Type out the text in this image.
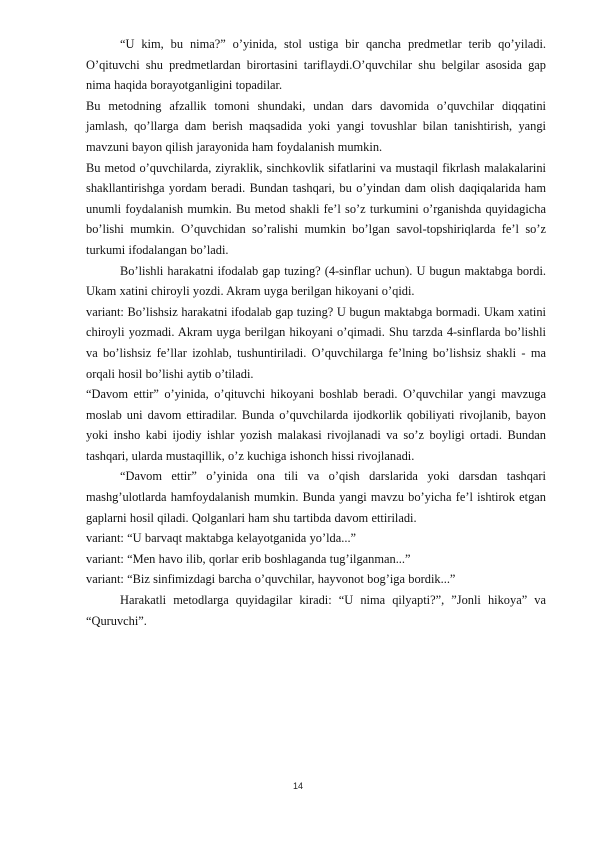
“U kim, bu nima?” o’yinida, stol ustiga bir qancha predmetlar terib qo’yiladi. O’qituvchi shu predmetlardan birortasini tariflaydi.O’quvchilar shu belgilar asosida gap nima haqida borayotganligini topadilar.

Bu metodning afzallik tomoni shundaki, undan dars davomida o’quvchilar diqqatini jamlash, qo’llarga dam berish maqsadida yoki yangi tovushlar bilan tanishtirish, yangi mavzuni bayon qilish jarayonida ham foydalanish mumkin.

Bu metod o’quvchilarda, ziyraklik, sinchkovlik sifatlarini va mustaqil fikrlash malakalarini shakllantirishga yordam beradi. Bundan tashqari, bu o’yindan dam olish daqiqalarida ham unumli foydalanish mumkin. Bu metod shakli fe’l so’z turkumini o’rganishda quyidagicha bo’lishi mumkin. O’quvchidan so’ralishi mumkin bo’lgan savol-topshiriqlarda fe’l so’z turkumi ifodalangan bo’ladi.

Bo’lishli harakatni ifodalab gap tuzing? (4-sinflar uchun). U bugun maktabga bordi. Ukam xatini chiroyli yozdi. Akram uyga berilgan hikoyani o’qidi.

variant: Bo’lishsiz harakatni ifodalab gap tuzing? U bugun maktabga bormadi. Ukam xatini chiroyli yozmadi. Akram uyga berilgan hikoyani o’qimadi. Shu tarzda 4-sinflarda bo’lishli va bo’lishsiz fe’llar izohlab, tushuntiriladi. O’quvchilarga fe’lning bo’lishsiz shakli - ma orqali hosil bo’lishi aytib o’tiladi.

“Davom ettir” o’yinida, o’qituvchi hikoyani boshlab beradi. O’quvchilar yangi mavzuga moslab uni davom ettiradilar. Bunda o’quvchilarda ijodkorlik qobiliyati rivojlanib, bayon yoki insho kabi ijodiy ishlar yozish malakasi rivojlanadi va so’z boyligi ortadi. Bundan tashqari, ularda mustaqillik, o’z kuchiga ishonch hissi rivojlanadi.

“Davom ettir” o’yinida ona tili va o’qish darslarida yoki darsdan tashqari mashg’ulotlarda hamfoydalanish mumkin. Bunda yangi mavzu bo’yicha fe’l ishtirok etgan gaplarni hosil qiladi. Qolganlari ham shu tartibda davom ettiriladi.

variant: “U barvaqt maktabga kelayotganida yo’lda...”

variant: “Men havo ilib, qorlar erib boshlaganda tug’ilganman...”

variant: “Biz sinfimizdagi barcha o’quvchilar, hayvonot bog’iga bordik...”

Harakatli metodlarga quyidagilar kiradi: “U nima qilyapti?”, ”Jonli hikoya” va “Quruvchi”.

14
